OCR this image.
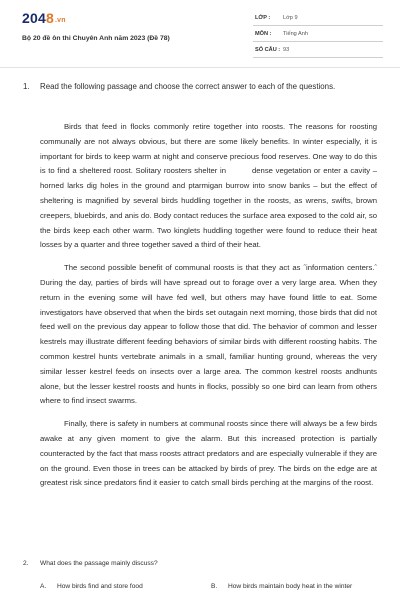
2048.vn
Bộ 20 đề ôn thi Chuyên Anh năm 2023 (Đề 78)
LỚP : Lớp 9
MÔN : Tiếng Anh
SỐ CÂU : 93
1. Read the following passage and choose the correct answer to each of the questions.

Birds that feed in flocks commonly retire together into roosts. The reasons for roosting communally are not always obvious, but there are some likely benefits. In winter especially, it is important for birds to keep warm at night and conserve precious food reserves. One way to do this is to find a sheltered roost. Solitary roosters shelter in	dense vegetation or enter a cavity – horned larks dig holes in the ground and ptarmigan burrow into snow banks – but the effect of sheltering is magnified by several birds huddling together in the roosts, as wrens, swifts, brown creepers, bluebirds, and anis do. Body contact reduces the surface area exposed to the cold air, so the birds keep each other warm. Two kinglets huddling together were found to reduce their heat losses by a quarter and three together saved a third of their heat.

The second possible benefit of communal roosts is that they act as ˆinformation centers.ˆ During the day, parties of birds will have spread out to forage over a very large area. When they return in the evening some will have fed well, but others may have found little to eat. Some investigators have observed that when the birds set outagain next morning, those birds that did not feed well on the previous day appear to follow those that did. The behavior of common and lesser kestrels may illustrate different feeding behaviors of similar birds with different roosting habits. The common kestrel hunts vertebrate animals in a small, familiar hunting ground, whereas the very similar lesser kestrel feeds on insects over a large area. The common kestrel roosts andhunts alone, but the lesser kestrel roosts and hunts in flocks, possibly so one bird can learn from others where to find insect swarms.

Finally, there is safety in numbers at communal roosts since there will always be a few birds awake at any given moment to give the alarm. But this increased protection is partially counteracted by the fact that mass roosts attract predators and are especially vulnerable if they are on the ground. Even those in trees can be attacked by birds of prey. The birds on the edge are at greatest risk since predators find it easier to catch small birds perching at the margins of the roost.

2. What does the passage mainly discuss?
A. How birds find and store food	B. How birds maintain body heat in the winter
